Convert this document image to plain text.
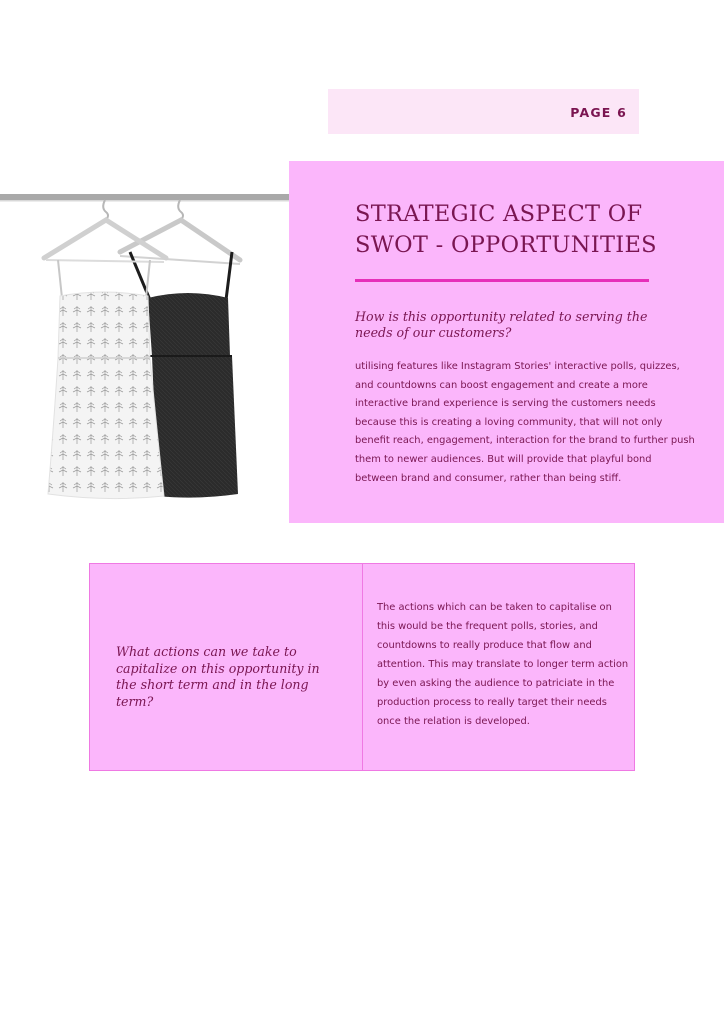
PAGE 6
STRATEGIC ASPECT OF SWOT - OPPORTUNITIES
How is this opportunity related to serving the needs of our customers?
utilising features like Instagram Stories' interactive polls, quizzes, and countdowns can boost engagement and create a more interactive brand experience is serving the customers needs because this is creating a loving community, that will not only benefit reach, engagement, interaction for the brand to further push them to newer audiences. But will provide that playful bond between brand and consumer, rather than being stiff.
What actions can we take to capitalize on this opportunity in the short term and in the long term?
The actions which can be taken to capitalise on this would be the frequent polls, stories, and countdowns to really produce that flow and attention. This may translate to longer term action by even asking the audience to patriciate in the production process to really target their needs once the relation is developed.
